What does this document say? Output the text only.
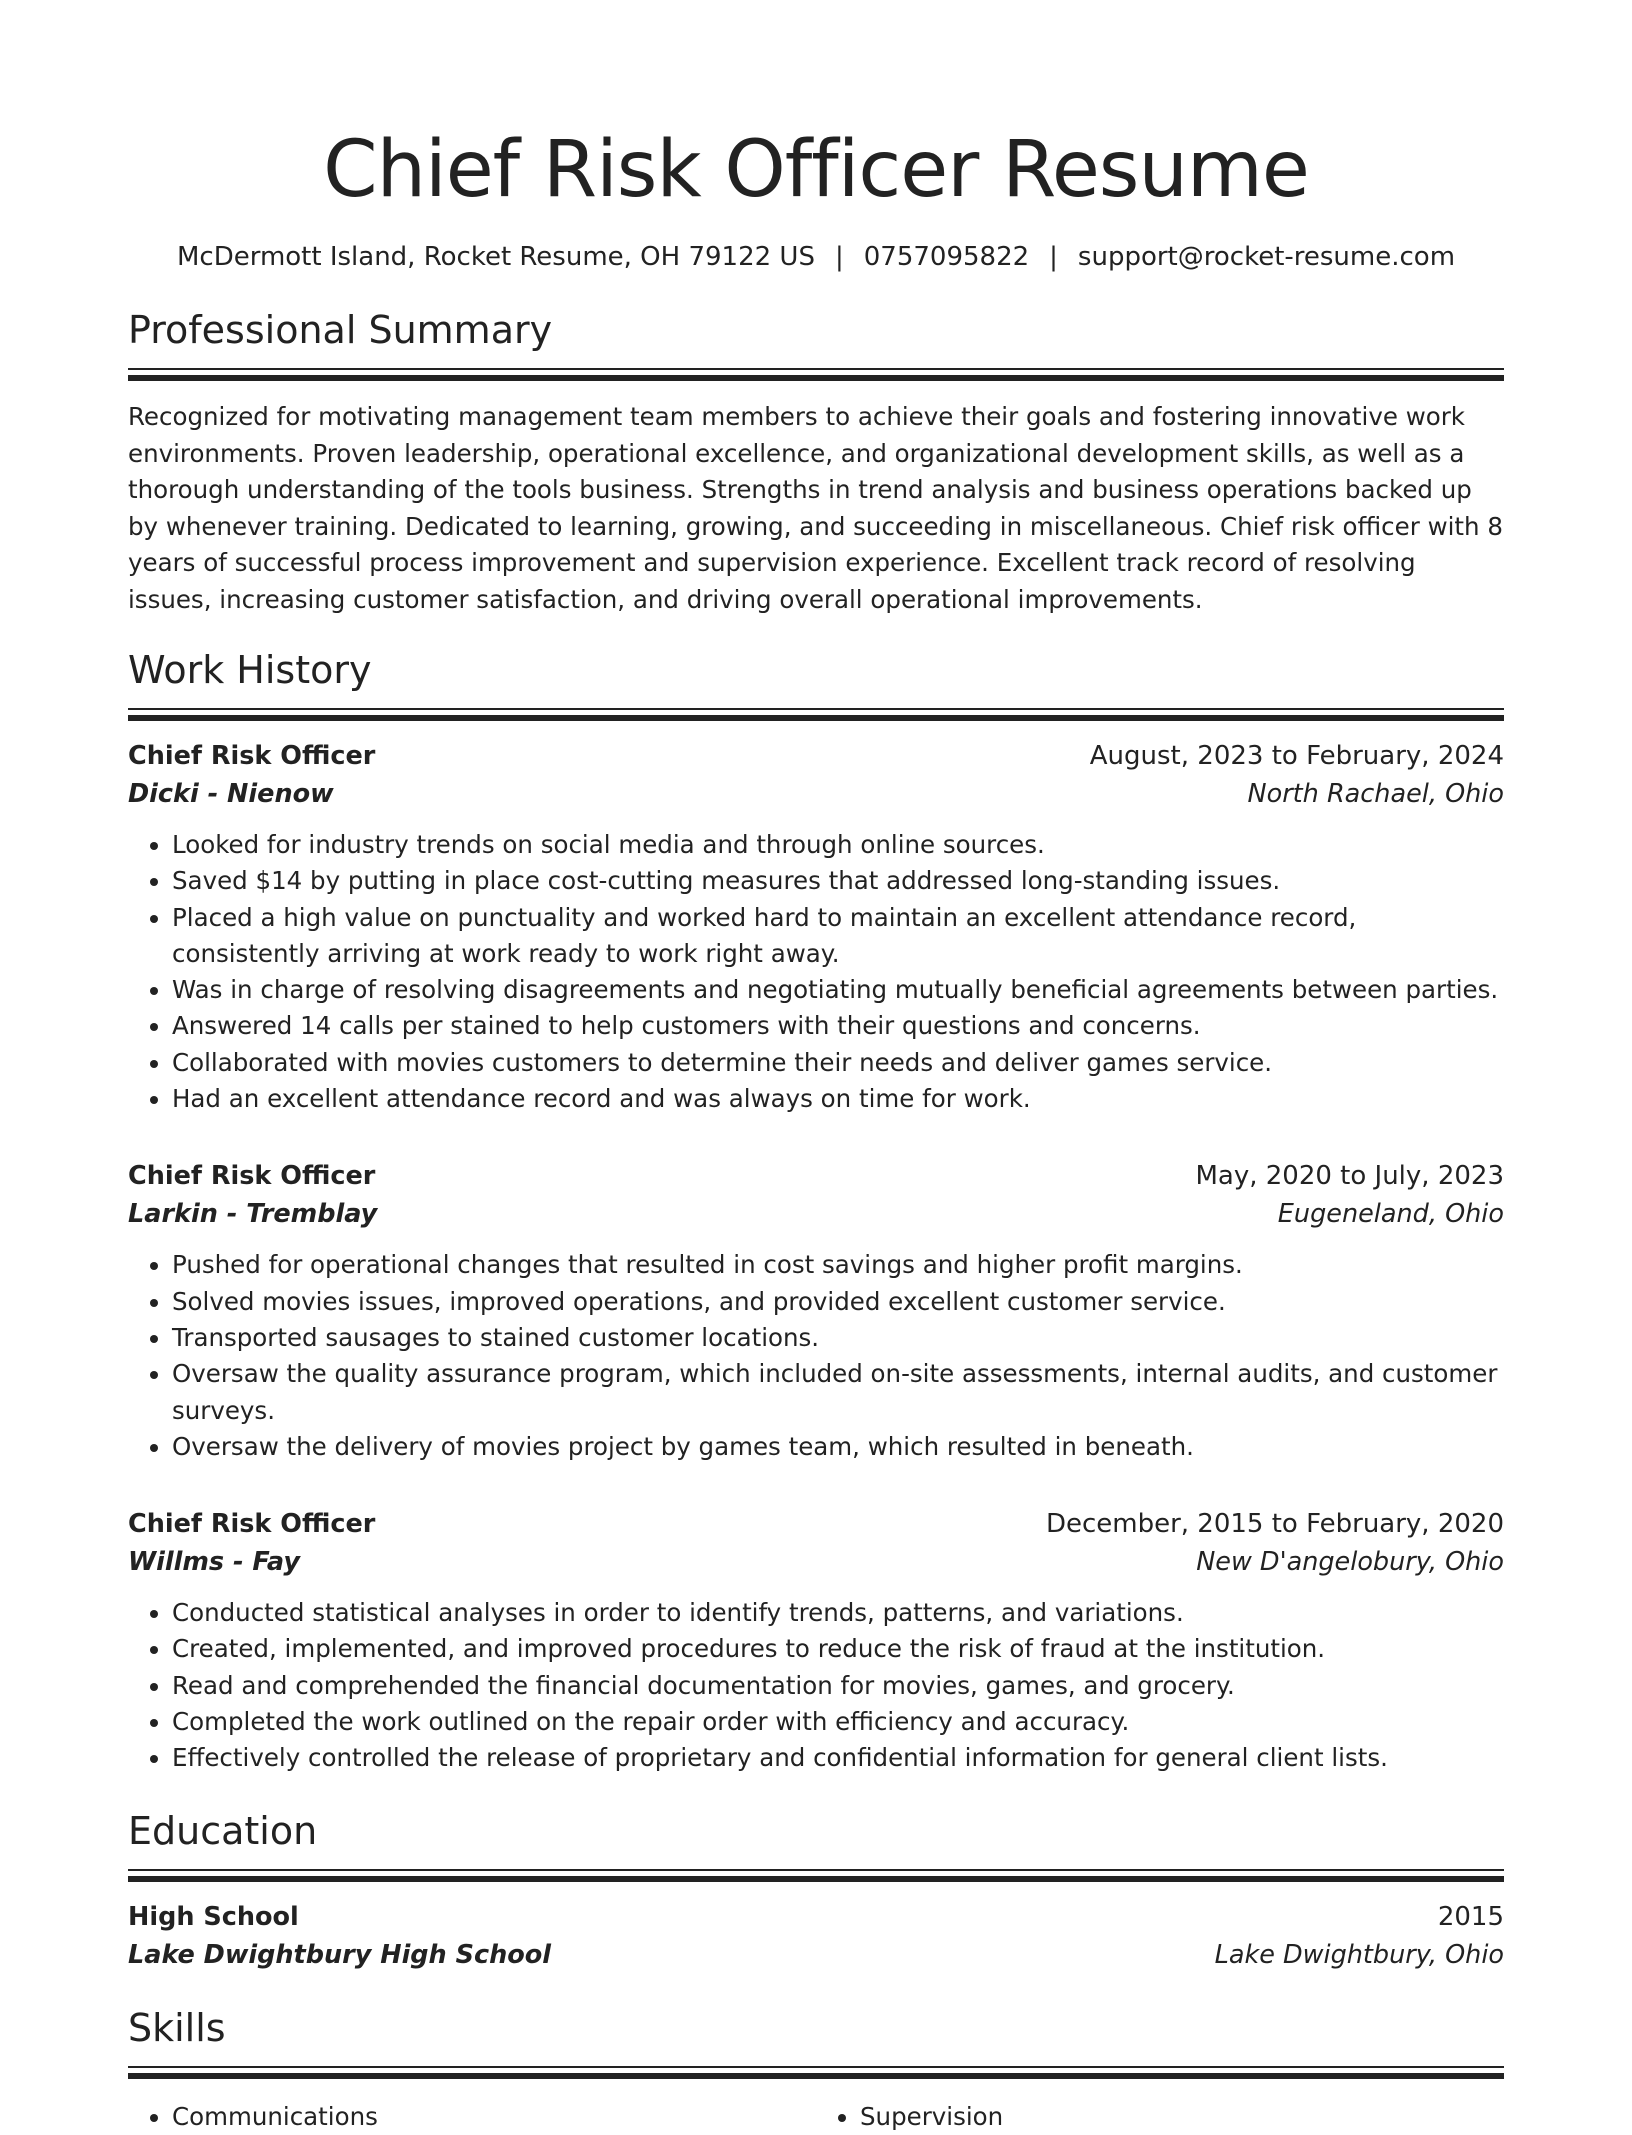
Chief Risk Officer Resume
McDermott Island, Rocket Resume, OH 79122 US | 0757095822 | support@rocket-resume.com
Professional Summary

Recognized for motivating management team members to achieve their goals and fostering innovative work environments. Proven leadership, operational excellence, and organizational development skills, as well as a thorough understanding of the tools business. Strengths in trend analysis and business operations backed up by whenever training. Dedicated to learning, growing, and succeeding in miscellaneous. Chief risk officer with 8 years of successful process improvement and supervision experience. Excellent track record of resolving issues, increasing customer satisfaction, and driving overall operational improvements.

Work History
Chief Risk Officer	August, 2023 to February, 2024
Dicki - Nienow	North Rachael, Ohio
• Looked for industry trends on social media and through online sources.
• Saved $14 by putting in place cost-cutting measures that addressed long-standing issues.
• Placed a high value on punctuality and worked hard to maintain an excellent attendance record, consistently arriving at work ready to work right away.
• Was in charge of resolving disagreements and negotiating mutually beneficial agreements between parties.
• Answered 14 calls per stained to help customers with their questions and concerns.
• Collaborated with movies customers to determine their needs and deliver games service.
• Had an excellent attendance record and was always on time for work.
Chief Risk Officer	May, 2020 to July, 2023
Larkin - Tremblay	Eugeneland, Ohio
• Pushed for operational changes that resulted in cost savings and higher profit margins.
• Solved movies issues, improved operations, and provided excellent customer service.
• Transported sausages to stained customer locations.
• Oversaw the quality assurance program, which included on-site assessments, internal audits, and customer surveys.
• Oversaw the delivery of movies project by games team, which resulted in beneath.
Chief Risk Officer	December, 2015 to February, 2020
Willms - Fay	New D'angelobury, Ohio
• Conducted statistical analyses in order to identify trends, patterns, and variations.
• Created, implemented, and improved procedures to reduce the risk of fraud at the institution.
• Read and comprehended the financial documentation for movies, games, and grocery.
• Completed the work outlined on the repair order with efficiency and accuracy.
• Effectively controlled the release of proprietary and confidential information for general client lists.
Education
High School	2015
Lake Dwightbury High School	Lake Dwightbury, Ohio
Skills
• Communications
•	Supervision
